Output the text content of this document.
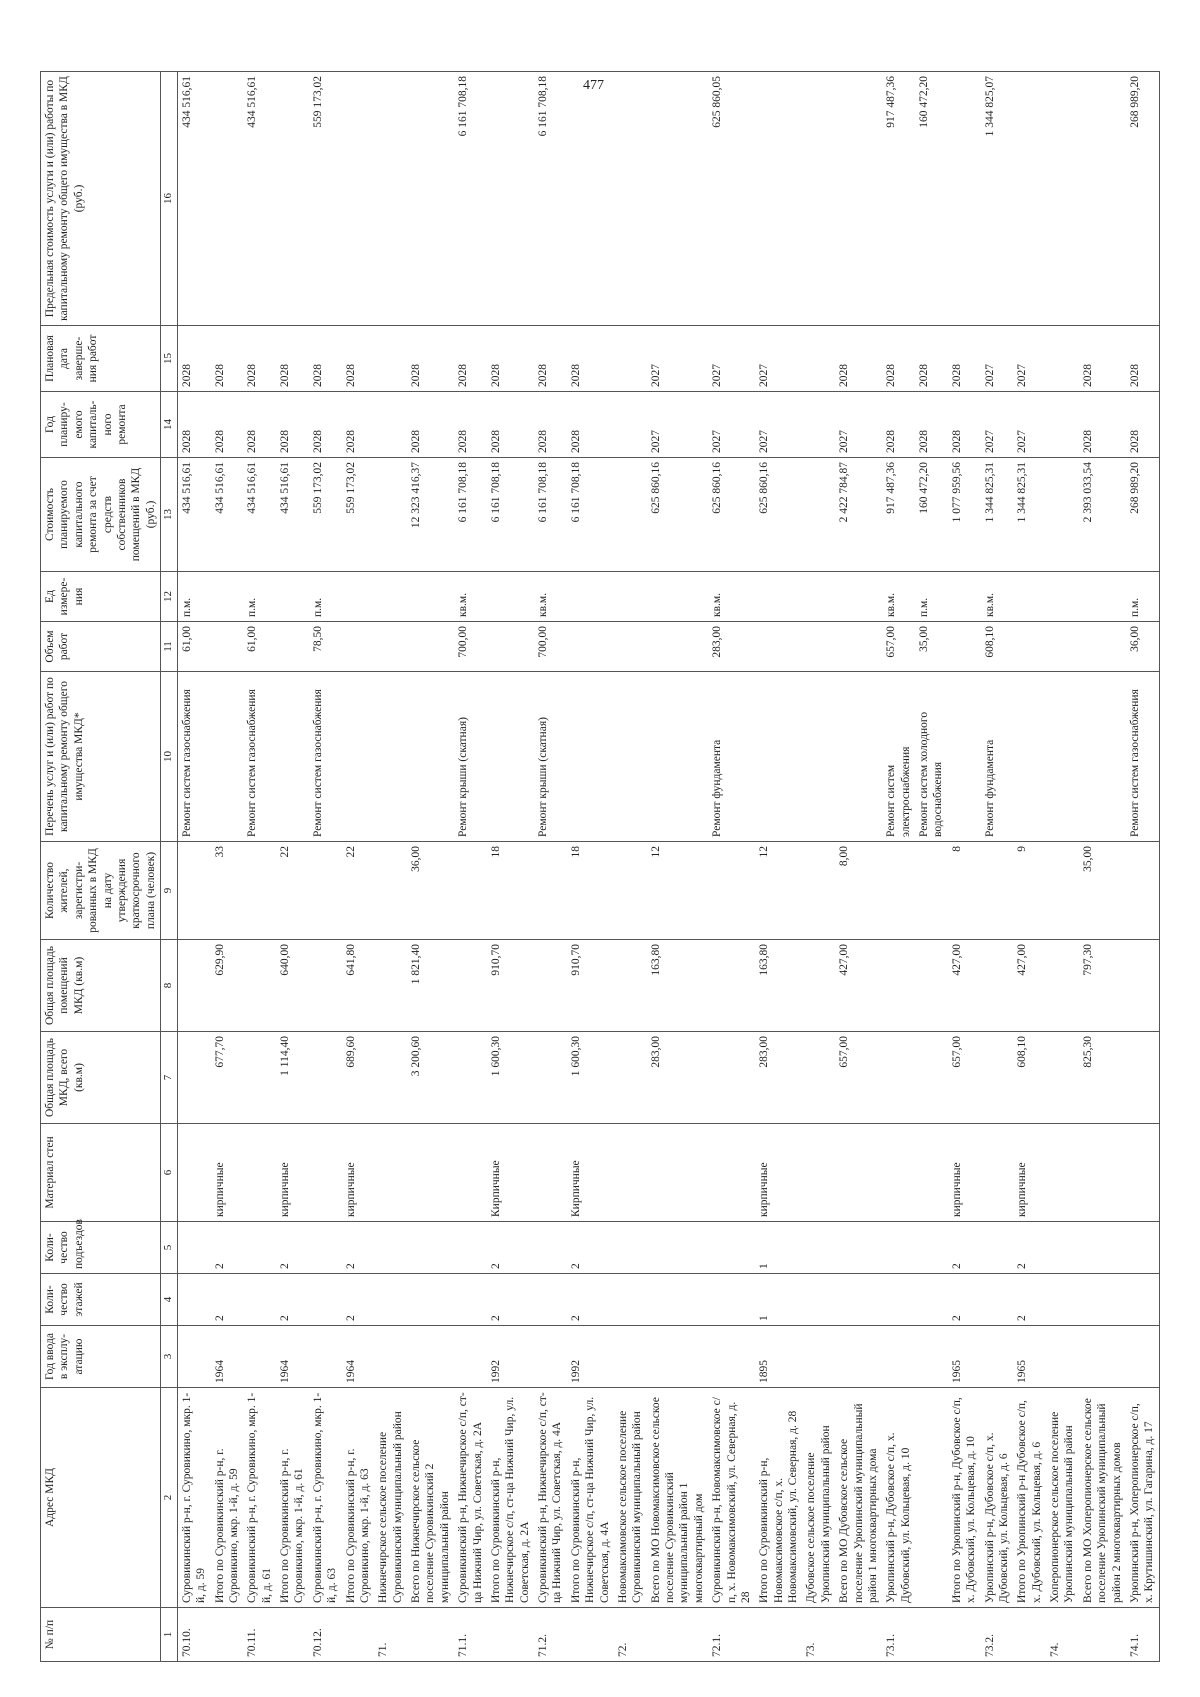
477
№ п/п	Адрес МКД	Год ввода в эксплу-атацию	Коли-чество этажей	Коли-чество подъездов	Материал стен	Общая площадь МКД, всего (кв.м)	Общая площадь помещений МКД (кв.м)	Количество жителей, зарегистри-рованных в МКД на дату утверждения краткосрочного плана (человек)	Перечень услуг и (или) работ по капитальному ремонту общего имущества МКД*	Объем работ	Ед измере-ния	Стоимость планируемого капитального ремонта за счет средств собственников помещений в МКД (руб.)	Год планиру-емого капиталь-ного ремонта	Плановая дата заверше-ния работ	Предельная стоимость услуги и (или) работы по капитальному ремонту общего имущества в МКД (руб.)
1	2	3	4	5	6	7	8	9	10	11	12	13	14	15	16
70.10.	Суровикинский р-н, г. Суровикино, мкр. 1-й, д. 59								Ремонт систем газоснабжения	61,00	п.м.	434 516,61	2028	2028	434 516,61
	Итого по Суровикинский р-н, г. Суровикино, мкр. 1-й, д. 59	1964	2	2	кирпичные	677,70	629,90	33				434 516,61	2028	2028	
70.11.	Суровикинский р-н, г. Суровикино, мкр. 1-й, д. 61								Ремонт систем газоснабжения	61,00	п.м.	434 516,61	2028	2028	434 516,61
	Итого по Суровикинский р-н, г. Суровикино, мкр. 1-й, д. 61	1964	2	2	кирпичные	1 114,40	640,00	22				434 516,61	2028	2028	
70.12.	Суровикинский р-н, г. Суровикино, мкр. 1-й, д. 63								Ремонт систем газоснабжения	78,50	п.м.	559 173,02	2028	2028	559 173,02
	Итого по Суровикинский р-н, г. Суровикино, мкр. 1-й, д. 63	1964	2	2	кирпичные	689,60	641,80	22				559 173,02	2028	2028	
71.	Нижнечирское сельское поселение Суровикинский муниципальный район														
	Всего по Нижнечирское сельское поселение Суровикинский 2 муниципальный район					3 200,60	1 821,40	36,00				12 323 416,37	2028	2028	
71.1.	Суровикинский р-н, Нижнечирское с/п, ст-ца Нижний Чир, ул. Советская, д. 2А								Ремонт крыши (скатная)	700,00	кв.м.	6 161 708,18	2028	2028	6 161 708,18
	Итого по Суровикинский р-н, Нижнечирское с/п, ст-ца Нижний Чир, ул. Советская, д. 2А	1992	2	2	Кирпичные	1 600,30	910,70	18				6 161 708,18	2028	2028	
71.2.	Суровикинский р-н, Нижнечирское с/п, ст-ца Нижний Чир, ул. Советская, д. 4А								Ремонт крыши (скатная)	700,00	кв.м.	6 161 708,18	2028	2028	6 161 708,18
	Итого по Суровикинский р-н, Нижнечирское с/п, ст-ца Нижний Чир, ул. Советская, д. 4А	1992	2	2	Кирпичные	1 600,30	910,70	18				6 161 708,18	2028	2028	
72.	Новомаксимовское сельское поселение Суровикинский муниципальный район														
	Всего по МО Новомаксимовское сельское поселение Суровикинский муниципальный район 1 многоквартирный дом					283,00	163,80	12				625 860,16	2027	2027	
72.1.	Суровикинский р-н, Новомаксимовское с/п, х. Новомаксимовский, ул. Северная, д. 28								Ремонт фундамента	283,00	кв.м.	625 860,16	2027	2027	625 860,05
	Итого по Суровикинский р-н, Новомаксимовское с/п, х. Новомаксимовский, ул. Северная, д. 28	1895	1	1	кирпичные	283,00	163,80	12				625 860,16	2027	2027	
73.	Дубовское сельское поселение Урюпинский муниципальный район														
	Всего по МО Дубовское сельское поселение Урюпинский муниципальный район 1 многоквартирных дома					657,00	427,00	8,00				2 422 784,87	2027	2028	
73.1.	Урюпинский р-н, Дубовское с/п, х. Дубовский, ул. Кольцевая, д. 10								Ремонт систем электроснабжения	657,00	кв.м.	917 487,36	2028	2028	917 487,36
									Ремонт систем холодного водоснабжения	35,00	п.м.	160 472,20	2028	2028	160 472,20
	Итого по Урюпинский р-н, Дубовское с/п, х. Дубовский, ул. Кольцевая, д. 10	1965	2	2	кирпичные	657,00	427,00	8				1 077 959,56	2028	2028	
73.2.	Урюпинский р-н, Дубовское с/п, х. Дубовский, ул. Кольцевая, д. 6								Ремонт фундамента	608,10	кв.м.	1 344 825,31	2027	2027	1 344 825,07
	Итого по Урюпинский р-н Дубовское с/п, х. Дубовский, ул. Кольцевая, д. 6	1965	2	2	кирпичные	608,10	427,00	9				1 344 825,31	2027	2027	
74.	Хоперопионерское сельское поселение Урюпинский муниципальный район														
	Всего по МО Хоперопионерское сельское поселение Урюпинский муниципальный район 2 многоквартирных домов					825,30	797,30	35,00				2 393 033,54	2028	2028	
74.1.	Урюпинский р-н, Хоперопионерское с/п, х. Крутишинский, ул. Гагарина, д. 17								Ремонт систем газоснабжения	36,00	п.м.	268 989,20	2028	2028	268 989,20
